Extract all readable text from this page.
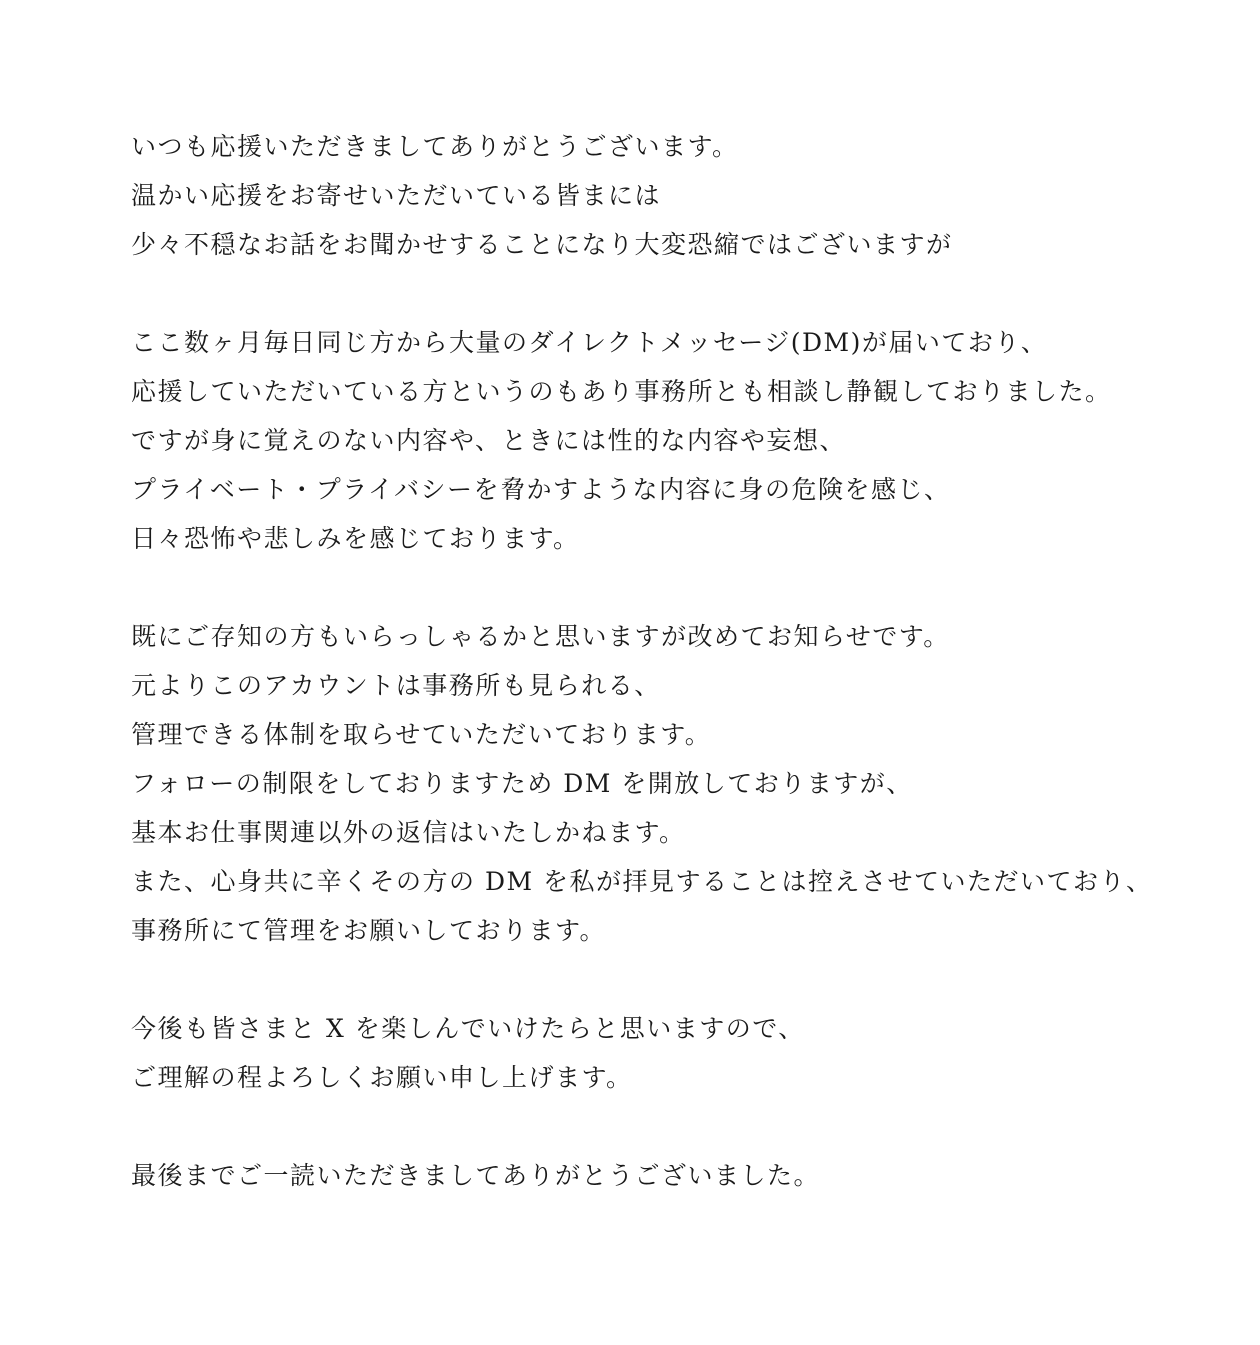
いつも応援いただきましてありがとうございます。
温かい応援をお寄せいただいている皆まには
少々不穏なお話をお聞かせすることになり大変恐縮ではございますが
ここ数ヶ月毎日同じ方から大量のダイレクトメッセージ(DM)が届いており、
応援していただいている方というのもあり事務所とも相談し静観しておりました。
ですが身に覚えのない内容や、ときには性的な内容や妄想、
プライベート・プライバシーを脅かすような内容に身の危険を感じ、
日々恐怖や悲しみを感じております。
既にご存知の方もいらっしゃるかと思いますが改めてお知らせです。
元よりこのアカウントは事務所も見られる、
管理できる体制を取らせていただいております。
フォローの制限をしておりますため DM を開放しておりますが、
基本お仕事関連以外の返信はいたしかねます。
また、心身共に辛くその方の DM を私が拝見することは控えさせていただいており、
事務所にて管理をお願いしております。
今後も皆さまと X を楽しんでいけたらと思いますので、
ご理解の程よろしくお願い申し上げます。
最後までご一読いただきましてありがとうございました。
